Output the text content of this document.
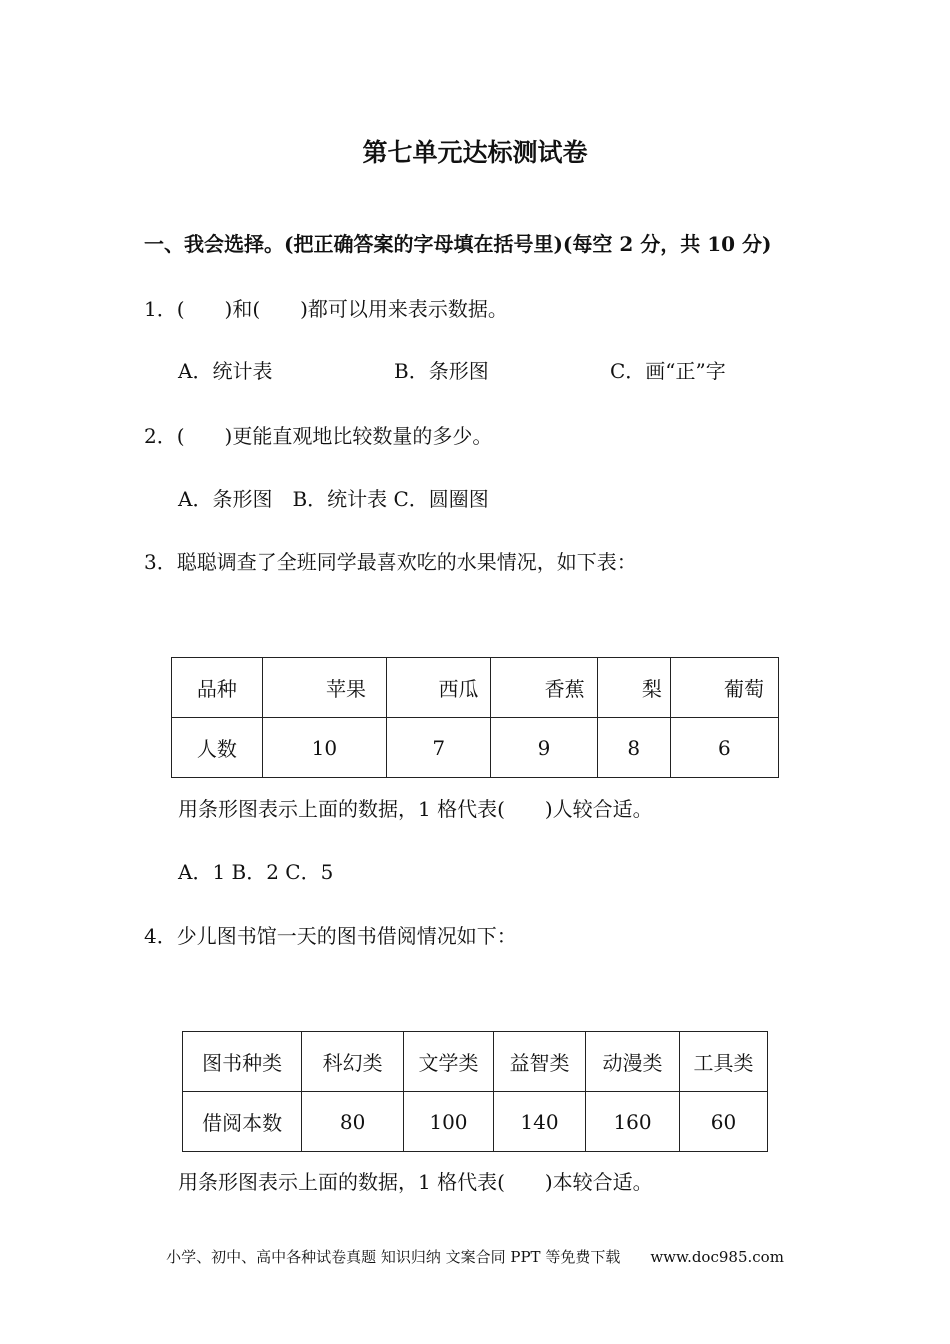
第七单元达标测试卷
一、我会选择。(把正确答案的字母填在括号里)(每空 2 分，共 10 分)
1．(　　)和(　　)都可以用来表示数据。
A．统计表	B．条形图	C．画“正”字
2．(　　)更能直观地比较数量的多少。
A．条形图　B．统计表 C．圆圈图
3．聪聪调查了全班同学最喜欢吃的水果情况，如下表：
品种	苹果	西瓜	香蕉	梨	葡萄
人数	10	7	9	8	6
用条形图表示上面的数据，1 格代表(　　)人较合适。
A．1 B．2 C．5
4．少儿图书馆一天的图书借阅情况如下：
图书种类	科幻类	文学类	益智类	动漫类	工具类
借阅本数	80	100	140	160	60
用条形图表示上面的数据，1 格代表(　　)本较合适。
小学、初中、高中各种试卷真题 知识归纳 文案合同 PPT 等免费下载　　www.doc985.com
